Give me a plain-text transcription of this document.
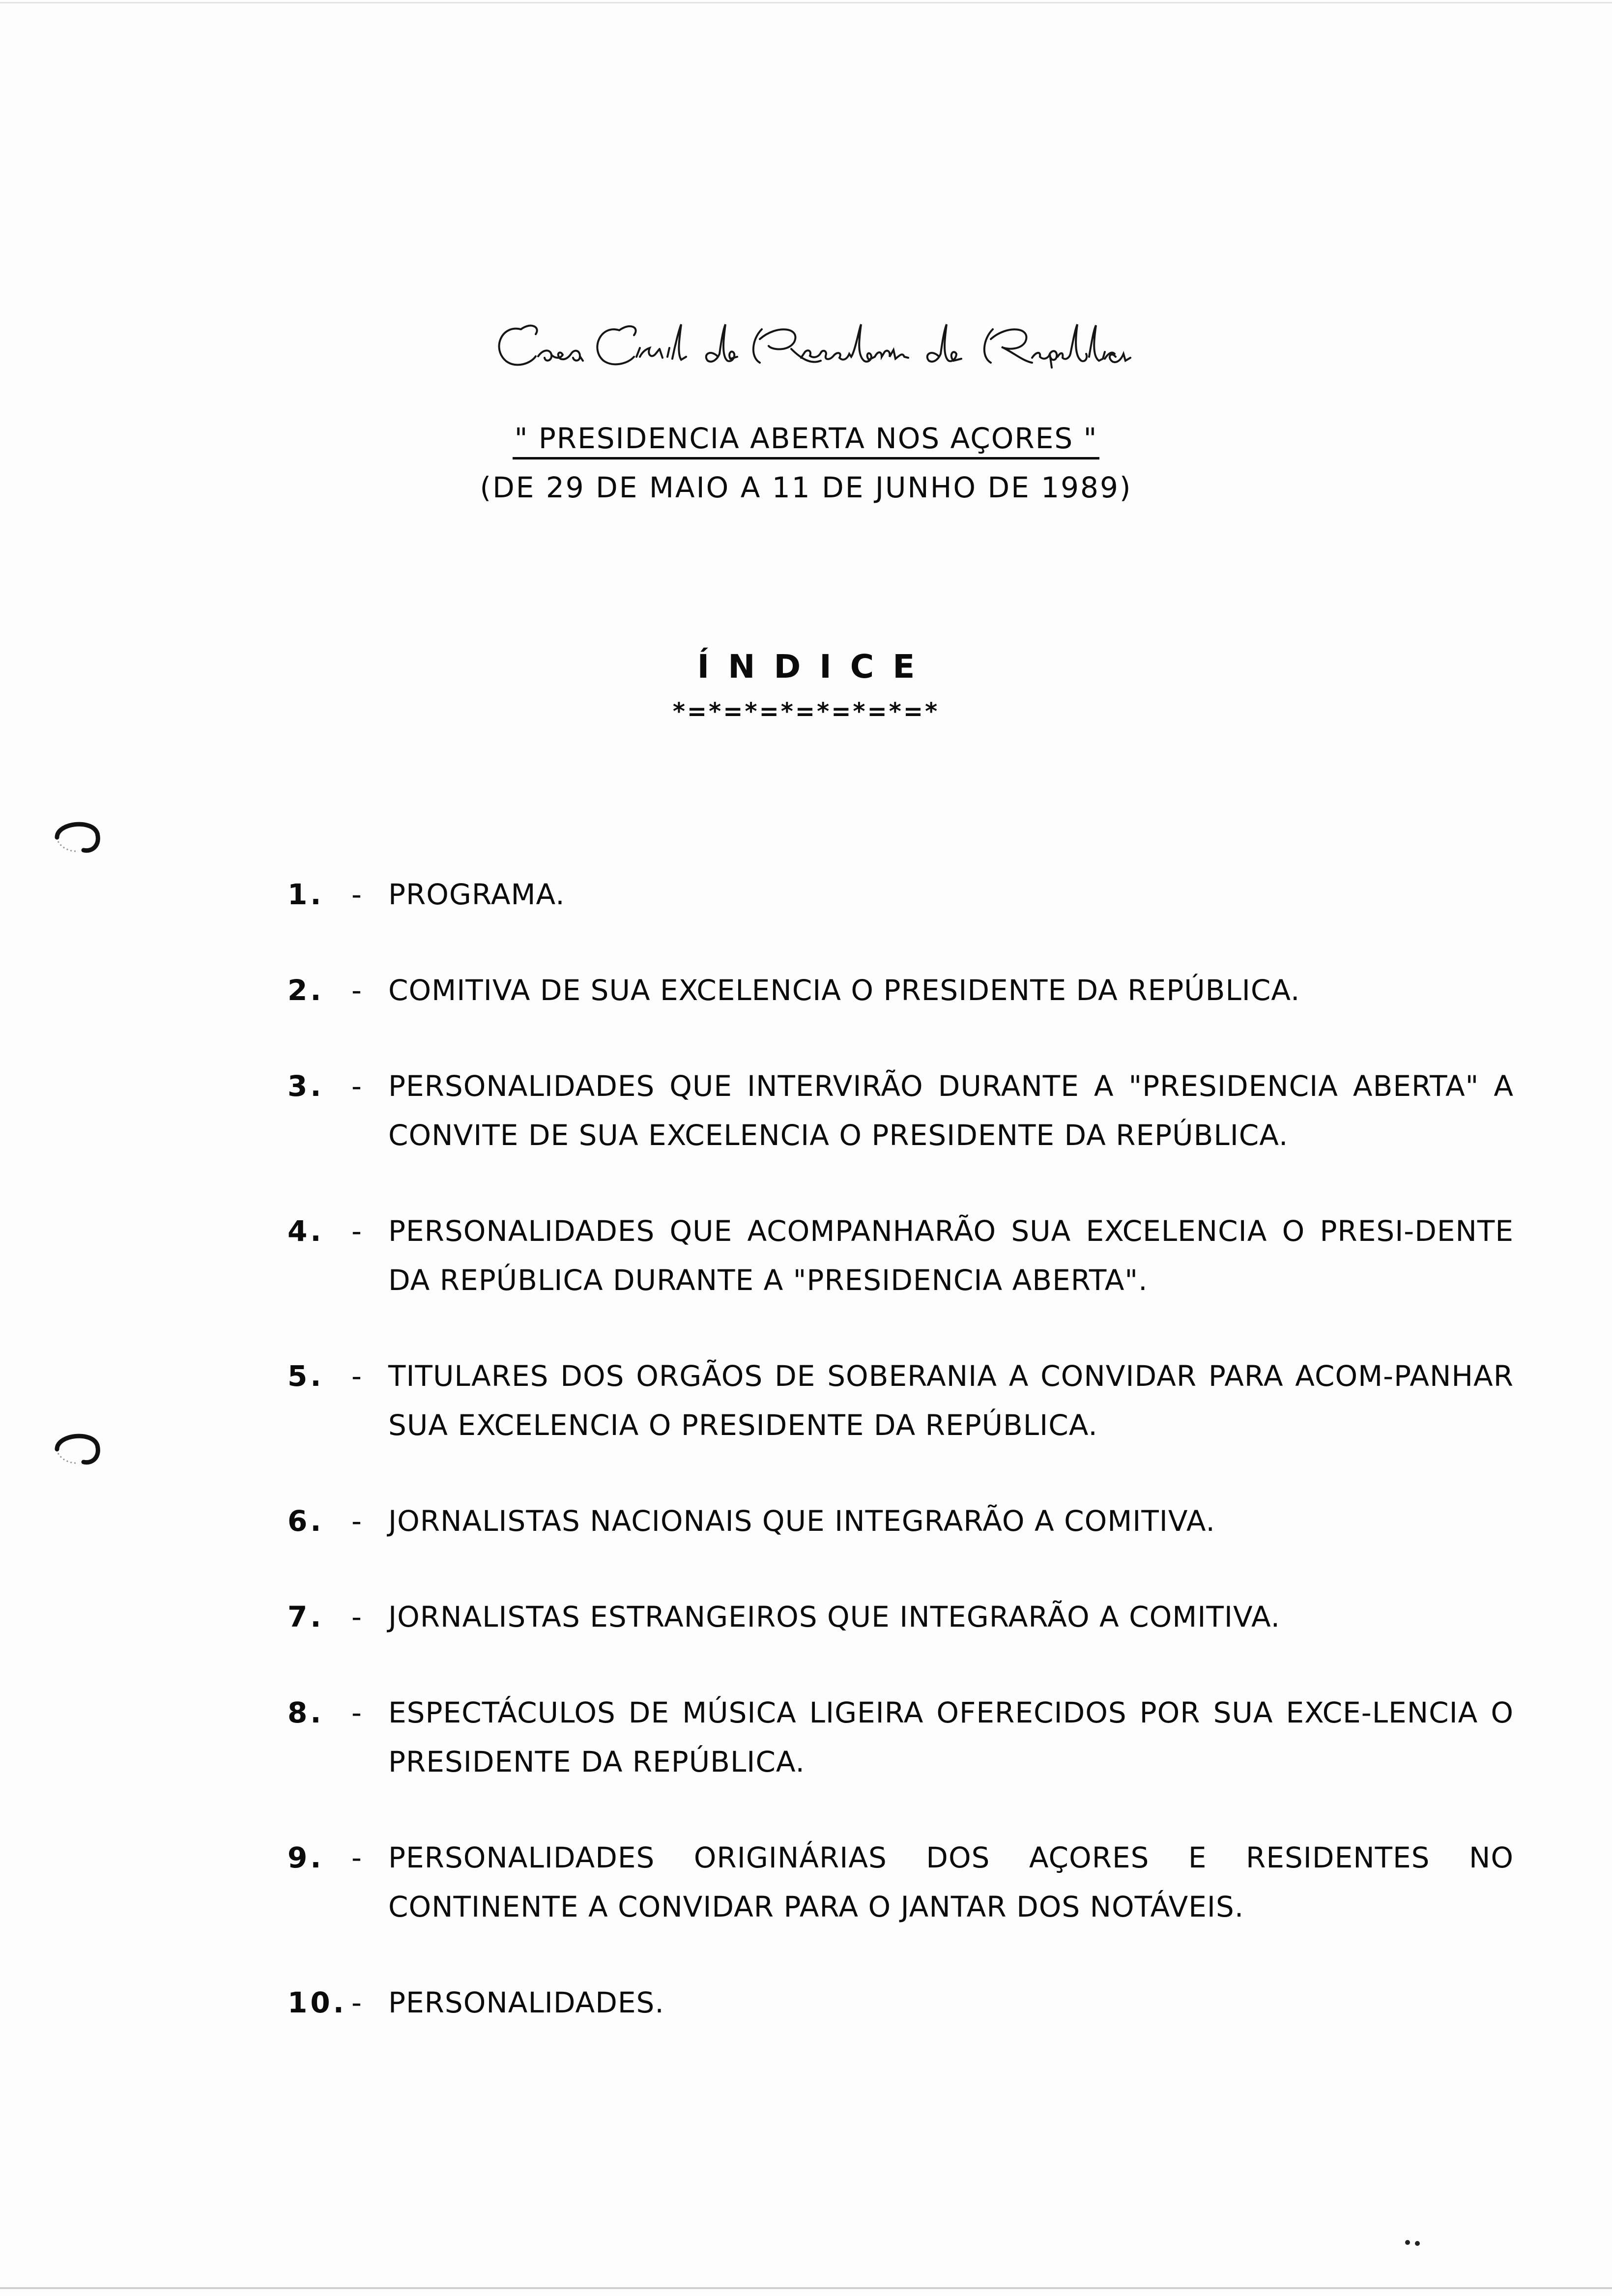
" PRESIDENCIA ABERTA NOS AÇORES "
(DE 29 DE MAIO A 11 DE JUNHO DE 1989)
ÍNDICE
*=*=*=*=*=*=*=*
1. - PROGRAMA.
2. - COMITIVA DE SUA EXCELENCIA O PRESIDENTE DA REPÚBLICA.
3. - PERSONALIDADES QUE INTERVIRÃO DURANTE A "PRESIDENCIA ABERTA" A CONVITE DE SUA EXCELENCIA O PRESIDENTE DA REPÚBLICA.
4. - PERSONALIDADES QUE ACOMPANHARÃO SUA EXCELENCIA O PRESI-DENTE DA REPÚBLICA DURANTE A "PRESIDENCIA ABERTA".
5. - TITULARES DOS ORGÃOS DE SOBERANIA A CONVIDAR PARA ACOM-PANHAR SUA EXCELENCIA O PRESIDENTE DA REPÚBLICA.
6. - JORNALISTAS NACIONAIS QUE INTEGRARÃO A COMITIVA.
7. - JORNALISTAS ESTRANGEIROS QUE INTEGRARÃO A COMITIVA.
8. - ESPECTÁCULOS DE MÚSICA LIGEIRA OFERECIDOS POR SUA EXCE-LENCIA O PRESIDENTE DA REPÚBLICA.
9. - PERSONALIDADES ORIGINÁRIAS DOS AÇORES E RESIDENTES NO CONTINENTE A CONVIDAR PARA O JANTAR DOS NOTÁVEIS.
10. - PERSONALIDADES.
